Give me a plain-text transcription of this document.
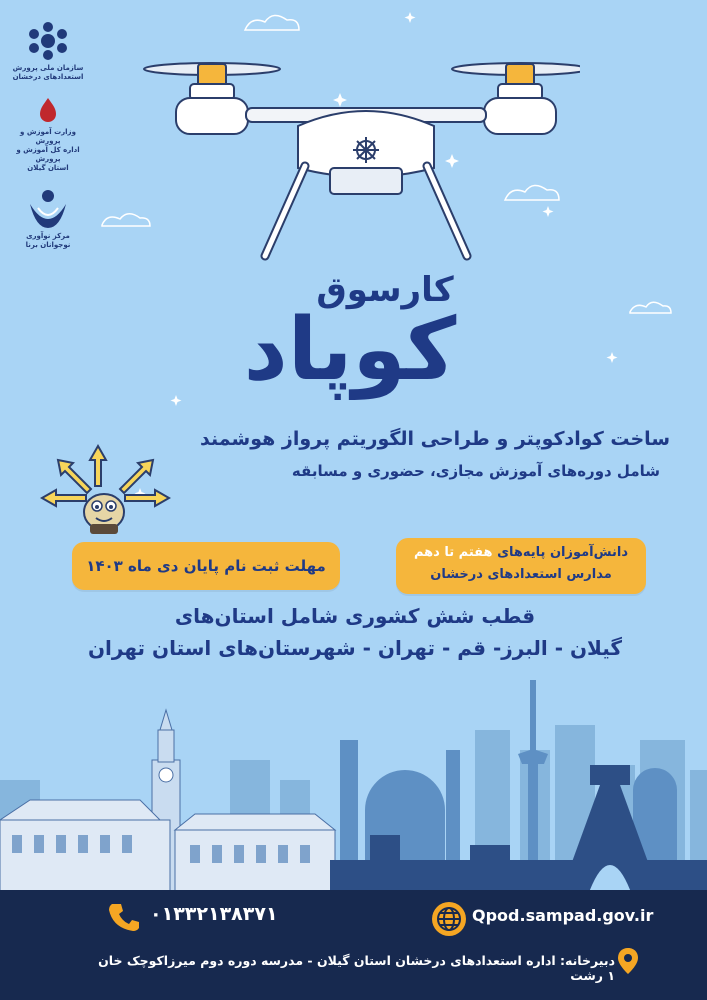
سازمان ملی پرورش استعدادهای درخشان
وزارت آموزش و پرورش
اداره کل آموزش و پرورش
استان گیلان
مرکز نوآوری
نوجوانان برنا
کارسوق
کوپاد
ساخت کوادکوپتر و طراحی الگوریتم پرواز هوشمند
شامل دوره‌های آموزش مجازی، حضوری و مسابقه
مهلت ثبت نام پایان دی ماه ۱۴۰۳
دانش‌آموزان پایه‌های هفتم تا دهم
مدارس استعدادهای درخشان
قطب شش کشوری شامل استان‌های
گیلان - البرز- قم - تهران - شهرستان‌های استان تهران
۰۱۳۳۲۱۳۸۳۷۱	Qpod.sampad.gov.ir
دبیرخانه: اداره استعدادهای درخشان استان گیلان - مدرسه دوره دوم میرزاکوچک خان ۱ رشت
